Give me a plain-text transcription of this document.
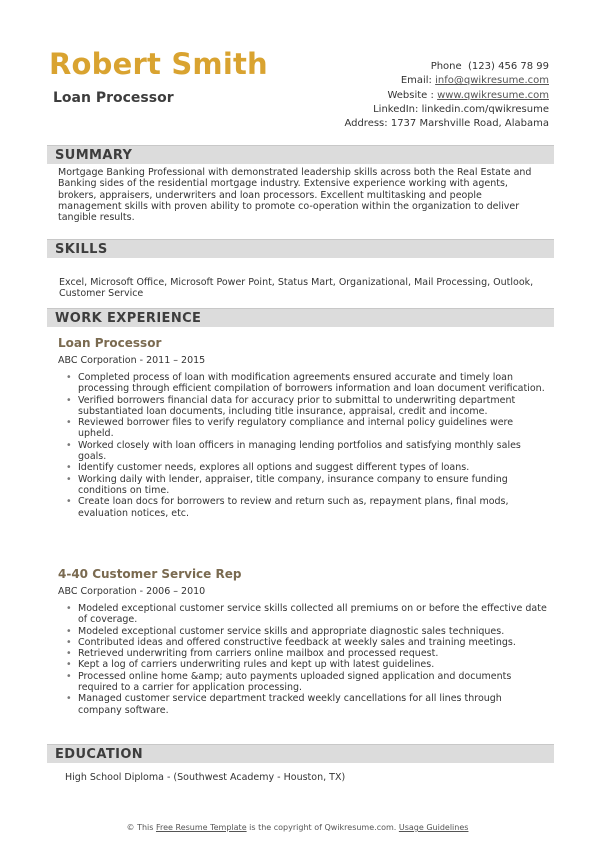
Robert Smith
Loan Processor
Phone (123) 456 78 99
Email: info@qwikresume.com
Website : www.qwikresume.com
LinkedIn: linkedin.com/qwikresume
Address: 1737 Marshville Road, Alabama
SUMMARY
Mortgage Banking Professional with demonstrated leadership skills across both the Real Estate and Banking sides of the residential mortgage industry. Extensive experience working with agents, brokers, appraisers, underwriters and loan processors. Excellent multitasking and people management skills with proven ability to promote co-operation within the organization to deliver tangible results.
SKILLS
Excel, Microsoft Office, Microsoft Power Point, Status Mart, Organizational, Mail Processing, Outlook, Customer Service
WORK EXPERIENCE
Loan Processor
ABC Corporation - 2011 – 2015
• Completed process of loan with modification agreements ensured accurate and timely loan processing through efficient compilation of borrowers information and loan document verification.
• Verified borrowers financial data for accuracy prior to submittal to underwriting department substantiated loan documents, including title insurance, appraisal, credit and income.
• Reviewed borrower files to verify regulatory compliance and internal policy guidelines were upheld.
• Worked closely with loan officers in managing lending portfolios and satisfying monthly sales goals.
• Identify customer needs, explores all options and suggest different types of loans.
• Working daily with lender, appraiser, title company, insurance company to ensure funding conditions on time.
• Create loan docs for borrowers to review and return such as, repayment plans, final mods, evaluation notices, etc.
4-40 Customer Service Rep
ABC Corporation - 2006 – 2010
• Modeled exceptional customer service skills collected all premiums on or before the effective date of coverage.
• Modeled exceptional customer service skills and appropriate diagnostic sales techniques.
• Contributed ideas and offered constructive feedback at weekly sales and training meetings.
• Retrieved underwriting from carriers online mailbox and processed request.
• Kept a log of carriers underwriting rules and kept up with latest guidelines.
• Processed online home &amp; auto payments uploaded signed application and documents required to a carrier for application processing.
• Managed customer service department tracked weekly cancellations for all lines through company software.
EDUCATION
High School Diploma - (Southwest Academy - Houston, TX)
© This Free Resume Template is the copyright of Qwikresume.com. Usage Guidelines
